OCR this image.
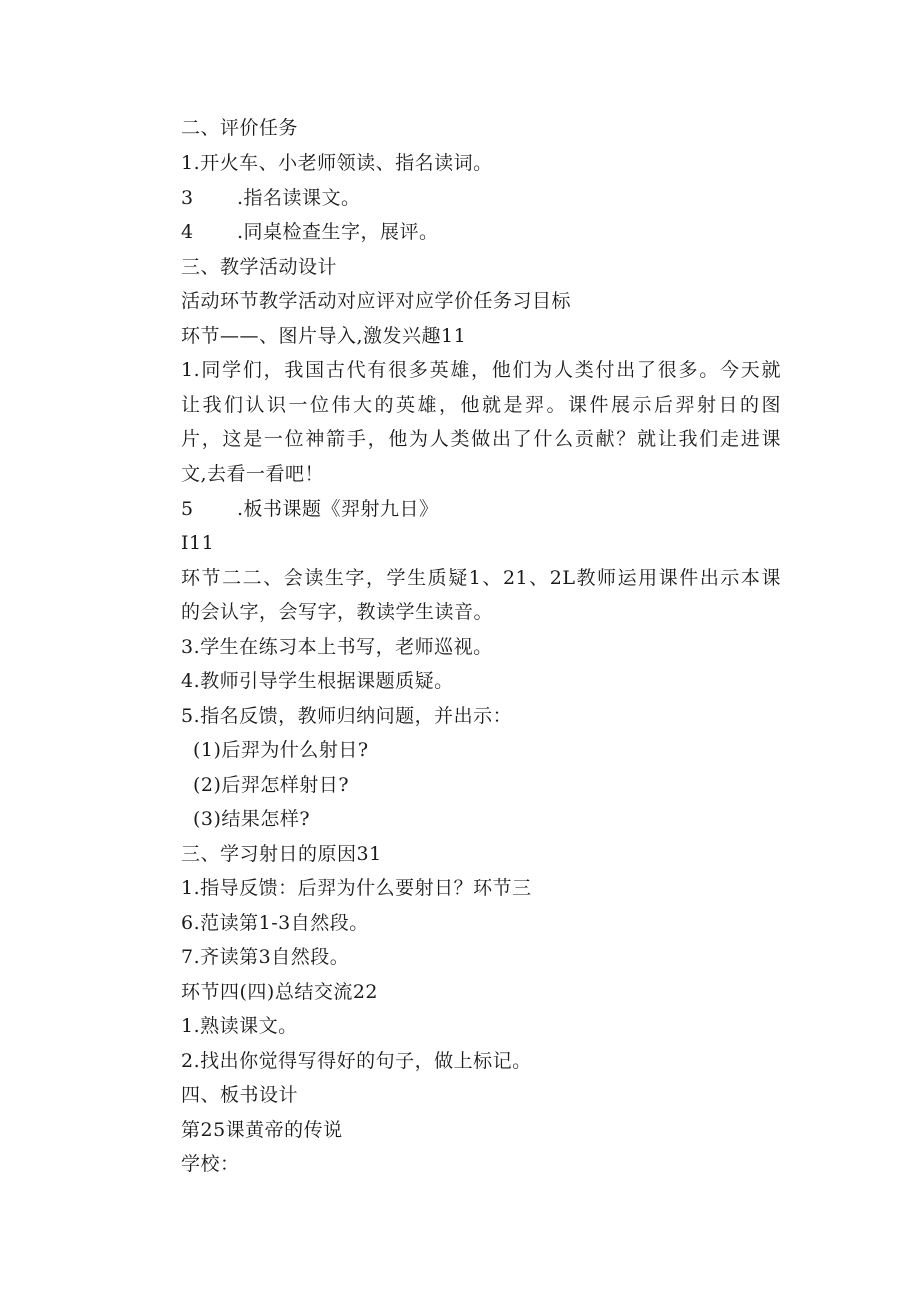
二、评价任务
1.开火车、小老师领读、指名读词。
3 .指名读课文。
4 .同桌检查生字，展评。
三、教学活动设计
活动环节教学活动对应评对应学价任务习目标
环节——、图片导入,激发兴趣11
1.同学们，我国古代有很多英雄，他们为人类付出了很多。今天就
让我们认识一位伟大的英雄，他就是羿。课件展示后羿射日的图
片，这是一位神箭手，他为人类做出了什么贡献？就让我们走进课
文,去看一看吧！
5 .板书课题《羿射九日》
I11
环节二二、会读生字，学生质疑1、21、2L教师运用课件出示本课
的会认字，会写字，教读学生读音。
3.学生在练习本上书写，老师巡视。
4.教师引导学生根据课题质疑。
5.指名反馈，教师归纳问题，并出示：
(1)后羿为什么射日?
(2)后羿怎样射日?
(3)结果怎样?
三、学习射日的原因31
1.指导反馈：后羿为什么要射日？环节三
6.范读第1-3自然段。
7.齐读第3自然段。
环节四(四)总结交流22
1.熟读课文。
2.找出你觉得写得好的句子，做上标记。
四、板书设计
第25课黄帝的传说
学校：
